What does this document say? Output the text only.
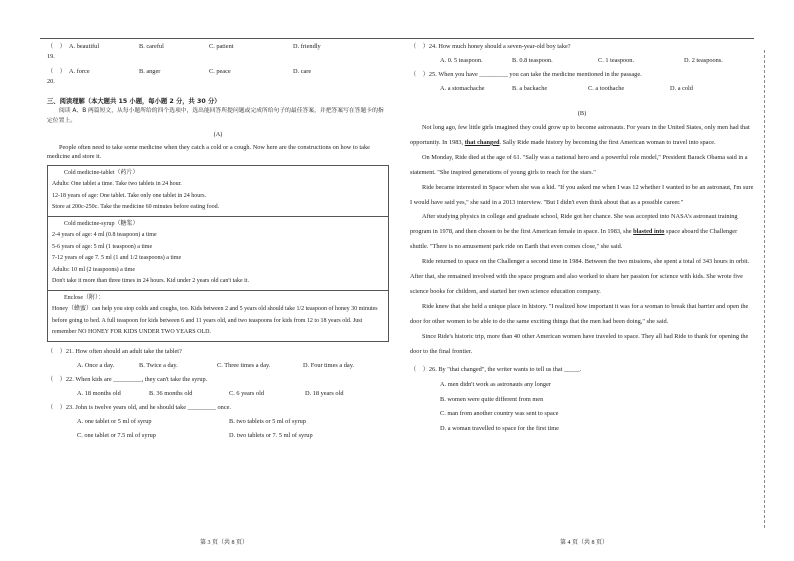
（　）19.
A. beautiful	B. careful	C. patient	D. friendly
（　）20.
A. force	B. anger	C. peace	D. care
三、阅读理解（本大题共 15 小题，每小题 2 分，共 30 分）

阅读 A、B 两篇短文，从每小题所给的四个选项中，选出能回答所提问题或完成所给句子的最佳答案，并把答案写在答题卡的指定位置上。

(A)

People often need to take some medicine when they catch a cold or a cough. Now here are the constructions on how to take medicine and store it.

Cold medicine-tablet（药片）
Adults: One tablet a time. Take two tablets in 24 hour.
12-18 years of age: One tablet. Take only one tablet in 24 hours.
Store at 200c-250c. Take the medicine 60 minutes before eating food.

Cold medicine-syrup（糖浆）
2-4 years of age: 4 ml (0.8 teaspoon) a time
5-6 years of age: 5 ml (1 teaspoon) a time
7-12 years of age 7. 5 ml (1 and 1/2 teaspoons) a time
Adults: 10 ml (2 teaspoons) a time
Don't take it more than three times in 24 hours. Kid under 2 years old can't take it.

Enclose（附）：
Honey（蜂蜜）can help you stop colds and coughs, too. Kids between 2 and 5 years old should take 1/2 teaspoon of honey 30 minutes before going to bed. A full teaspoon for kids between 6 and 11 years old, and two teaspoons for kids from 12 to 18 years old. Just remember NO HONEY FOR KIDS UNDER TWO YEARS OLD.
（　）21. How often should an adult take the tablet?
A. Once a day.	B. Twice a day.	C. Three times a day.	D. Four times a day.
（　）22. When kids are _________, they can't take the syrup.
A. 18 months old	B. 36 months old	C. 6 years old	D. 18 years old
（　）23. John is twelve years old, and he should take _________ once.
A. one tablet or 5 ml of syrup	B. two tablets or 5 ml of syrup
C. one tablet or 7.5 ml of syrup	D. two tablets or 7. 5 ml of syrup
（　）24. How much honey should a seven-year-old boy take?
A. 0. 5 teaspoon.	B. 0.8 teaspoon.	C. 1 teaspoon.	D. 2 teaspoons.
（　）25. When you have _________ you can take the medicine mentioned in the passage.
A. a stomachache	B. a backache	C. a toothache	D. a cold

(B)

Not long ago, few little girls imagined they could grow up to become astronauts. For years in the United States, only men had that opportunity. In 1983, that changed. Sally Ride made history by becoming the first American woman to travel into space.

On Monday, Ride died at the age of 61. "Sally was a national hero and a powerful role model," President Barack Obama said in a statement. "She inspired generations of young girls to reach for the stars."

Ride became interested in Space when she was a kid. "If you asked me when I was 12 whether I wanted to be an astronaut, I'm sure I would have said yes," she said in a 2013 interview. "But I didn't even think about that as a possible career."

After studying physics in college and graduate school, Ride got her chance. She was accepted into NASA's astronaut training program in 1978, and then chosen to be the first American female in space. In 1983, she blasted into space aboard the Challenger shuttle. "There is no amusement park ride on Earth that even comes close," she said.

Ride returned to space on the Challenger a second time in 1984. Between the two missions, she spent a total of 343 hours in orbit. After that, she remained involved with the space program and also worked to share her passion for science with kids. She wrote five science books for children, and started her own science education company.

Ride knew that she held a unique place in history. "I realized how important it was for a woman to break that barrier and open the door for other women to be able to do the same exciting things that the men had been doing," she said.

Since Ride's historic trip, more than 40 other American women have traveled to space. They all had Ride to thank for opening the door to the final frontier.

（　）26. By "that changed", the writer wants to tell us that _____.
A. men didn't work as astronauts any longer
B. women were quite different from men
C. man from another country was sent to space
D. a woman travelled to space for the first time
第 3 页（共 8 页）	第 4 页（共 8 页）
